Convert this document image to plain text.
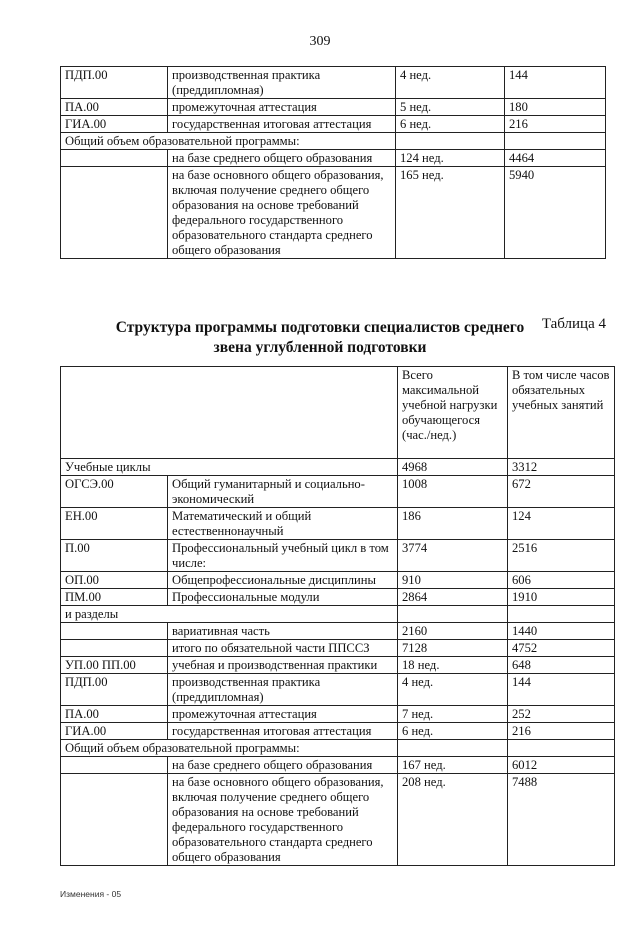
309
ПДП.00	производственная практика (преддипломная)	4 нед.	144
ПА.00	промежуточная аттестация	5 нед.	180
ГИА.00	государственная итоговая аттестация	6 нед.	216
Общий объем образовательной программы:			
	на базе среднего общего образования	124 нед.	4464
	на базе основного общего образования, включая получение среднего общего образования на основе требований федерального государственного образовательного стандарта среднего общего образования	165 нед.	5940
Таблица 4
Структура программы подготовки специалистов среднего звена углубленной подготовки
		Всего максимальной учебной нагрузки обучающегося (час./нед.)	В том числе часов обязательных учебных занятий
Учебные циклы		4968	3312
ОГСЭ.00	Общий гуманитарный и социально-экономический	1008	672
ЕН.00	Математический и общий естественнонаучный	186	124
П.00	Профессиональный учебный цикл в том числе:	3774	2516
ОП.00	Общепрофессиональные дисциплины	910	606
ПМ.00	Профессиональные модули	2864	1910
и разделы			
	вариативная часть	2160	1440
	итого по обязательной части ППССЗ	7128	4752
УП.00 ПП.00	учебная и производственная практики	18 нед.	648
ПДП.00	производственная практика (преддипломная)	4 нед.	144
ПА.00	промежуточная аттестация	7 нед.	252
ГИА.00	государственная итоговая аттестация	6 нед.	216
Общий объем образовательной программы:			
	на базе среднего общего образования	167 нед.	6012
	на базе основного общего образования, включая получение среднего общего образования на основе требований федерального государственного образовательного стандарта среднего общего образования	208 нед.	7488
Изменения - 05
